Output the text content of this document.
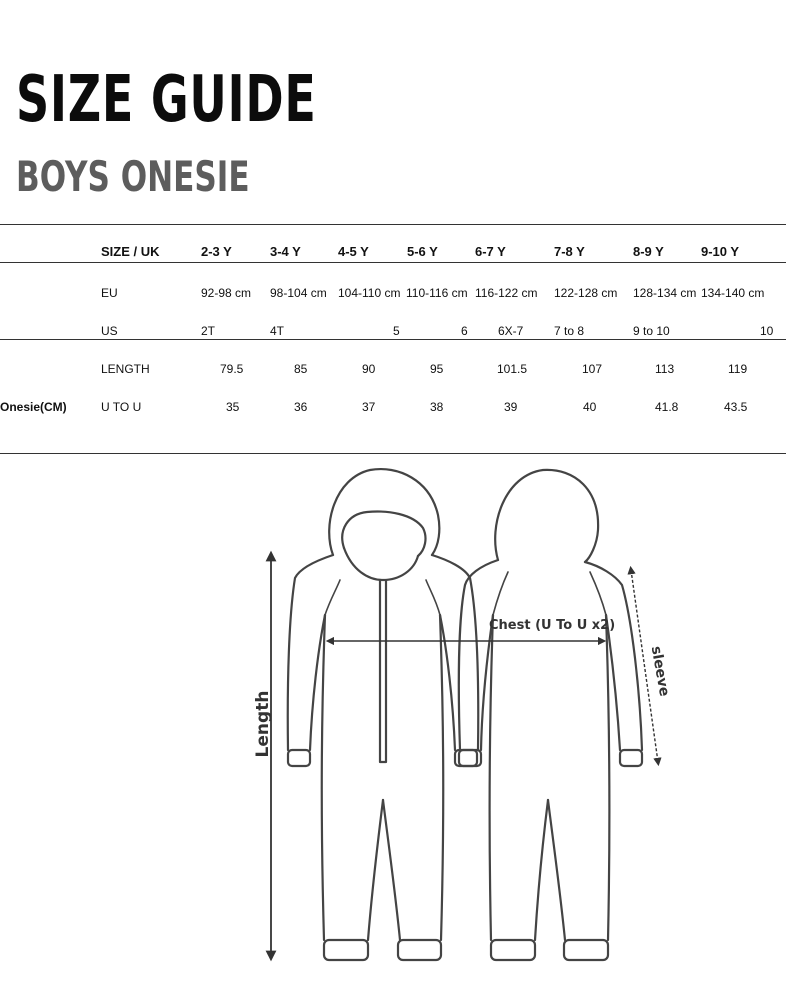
SIZE GUIDE
BOYS ONESIE
SIZE / UK	2-3 Y	3-4 Y	4-5 Y	5-6 Y	6-7 Y	7-8 Y	8-9 Y	9-10 Y
EU	92-98 cm 98-104 cm 104-110 cm 110-116 cm 116-122 cm 122-128 cm 128-134 cm 134-140 cm
US	2T	4T	5	6	6X-7	7 to 8	9 to 10	10
LENGTH	79.5	85	90	95	101.5	107	113	119
Onesie(CM)	U TO U	35	36	37	38	39	40	41.8	43.5
Length
Chest (U To U x2)
sleeve
